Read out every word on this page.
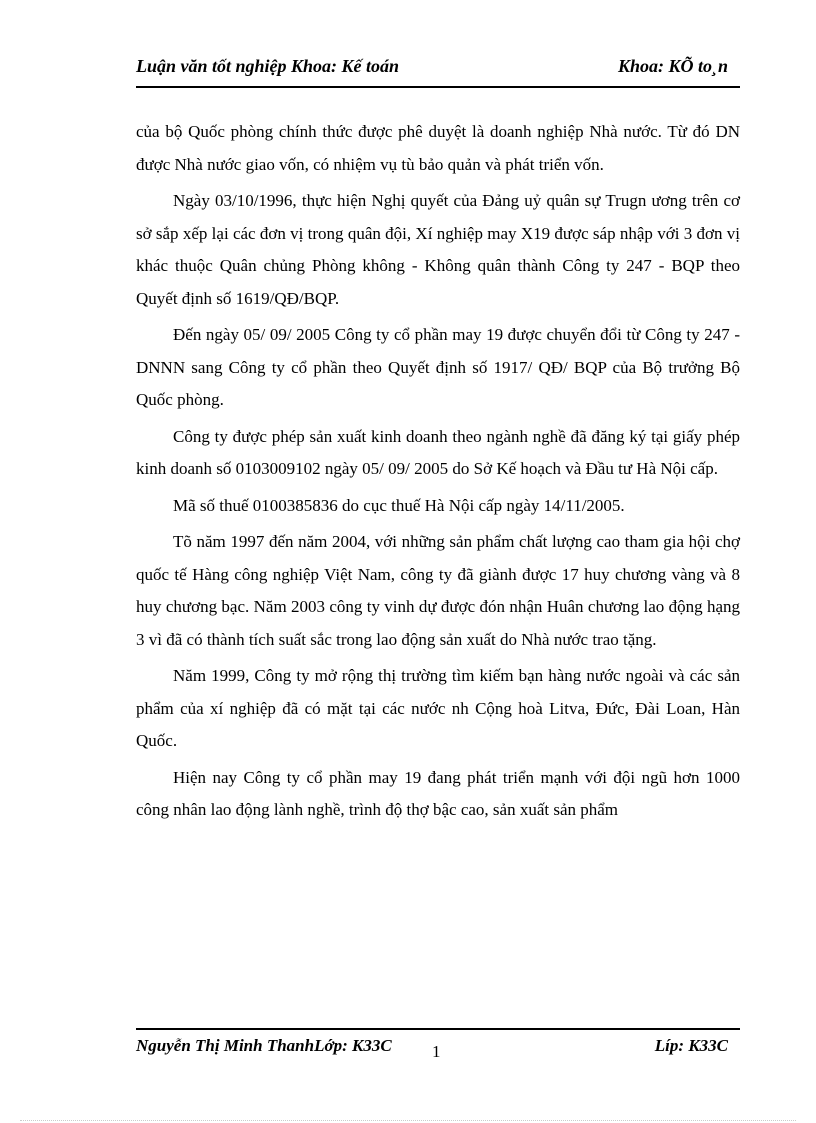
Luận văn tốt nghiệp Khoa: Kế toán	Khoa: KÕ to¸n

của bộ Quốc phòng chính thức được phê duyệt là doanh nghiệp Nhà nước. Từ đó DN được Nhà nước giao vốn, có nhiệm vụ tù bảo quản và phát triển vốn.

Ngày 03/10/1996, thực hiện Nghị quyết của Đảng uỷ quân sự Trugn ương trên cơ sở sắp xếp lại các đơn vị trong quân đội, Xí nghiệp may X19 được sáp nhập với 3 đơn vị khác thuộc Quân chủng Phòng không - Không quân thành Công ty 247 - BQP theo Quyết định số 1619/QĐ/BQP.

Đến ngày 05/ 09/ 2005 Công ty cổ phần may 19 được chuyển đổi từ Công ty 247 - DNNN sang Công ty cổ phần theo Quyết định số 1917/ QĐ/ BQP của Bộ trưởng Bộ Quốc phòng.

Công ty được phép sản xuất kinh doanh theo ngành nghề đã đăng ký tại giấy phép kinh doanh số 0103009102 ngày 05/ 09/ 2005 do Sở Kế hoạch và Đầu tư Hà Nội cấp.

Mã số thuế 0100385836 do cục thuế Hà Nội cấp ngày 14/11/2005.

Tõ năm 1997 đến năm 2004, với những sản phẩm chất lượng cao tham gia hội chợ quốc tế Hàng công nghiệp Việt Nam, công ty đã giành được 17 huy chương vàng và 8 huy chương bạc. Năm 2003 công ty vinh dự được đón nhận Huân chương lao động hạng 3 vì đã có thành tích suất sắc trong lao động sản xuất do Nhà nước trao tặng.

Năm 1999, Công ty mở rộng thị trường tìm kiếm bạn hàng nước ngoài và các sản phẩm của xí nghiệp đã có mặt tại các nước nh Cộng hoà Litva, Đức, Đài Loan, Hàn Quốc.

Hiện nay Công ty cổ phần may 19 đang phát triển mạnh với đội ngũ hơn 1000 công nhân lao động lành nghề, trình độ thợ bậc cao, sản xuất sản phẩm

Nguyễn Thị Minh ThanhLớp: K33C	Líp: K33C
1
